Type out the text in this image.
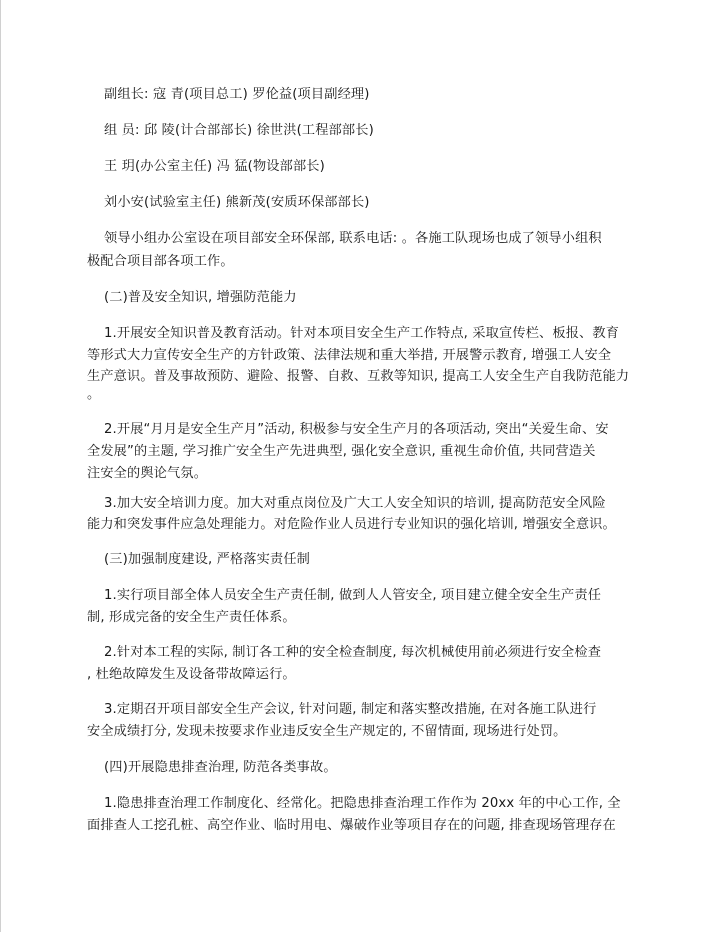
副组长: 寇 青(项目总工) 罗伦益(项目副经理)
组 员: 邱 陵(计合部部长) 徐世洪(工程部部长)
王 玥(办公室主任) 冯 猛(物设部部长)
刘小安(试验室主任) 熊新茂(安质环保部部长)
领导小组办公室设在项目部安全环保部, 联系电话: 。各施工队现场也成了领导小组积
极配合项目部各项工作。
(二)普及安全知识, 增强防范能力
1.开展安全知识普及教育活动。针对本项目安全生产工作特点, 采取宣传栏、板报、教育
等形式大力宣传安全生产的方针政策、法律法规和重大举措, 开展警示教育, 增强工人安全
生产意识。普及事故预防、避险、报警、自救、互救等知识, 提高工人安全生产自我防范能力
。
2.开展“月月是安全生产月”活动, 积极参与安全生产月的各项活动, 突出“关爱生命、安
全发展”的主题, 学习推广安全生产先进典型, 强化安全意识, 重视生命价值, 共同营造关
注安全的舆论气氛。
3.加大安全培训力度。加大对重点岗位及广大工人安全知识的培训, 提高防范安全风险
能力和突发事件应急处理能力。对危险作业人员进行专业知识的强化培训, 增强安全意识。
(三)加强制度建设, 严格落实责任制
1.实行项目部全体人员安全生产责任制, 做到人人管安全, 项目建立健全安全生产责任
制, 形成完备的安全生产责任体系。
2.针对本工程的实际, 制订各工种的安全检查制度, 每次机械使用前必须进行安全检查
, 杜绝故障发生及设备带故障运行。
3.定期召开项目部安全生产会议, 针对问题, 制定和落实整改措施, 在对各施工队进行
安全成绩打分, 发现未按要求作业违反安全生产规定的, 不留情面, 现场进行处罚。
(四)开展隐患排查治理, 防范各类事故。
1.隐患排查治理工作制度化、经常化。把隐患排查治理工作作为 20xx 年的中心工作, 全
面排查人工挖孔桩、高空作业、临时用电、爆破作业等项目存在的问题, 排查现场管理存在
